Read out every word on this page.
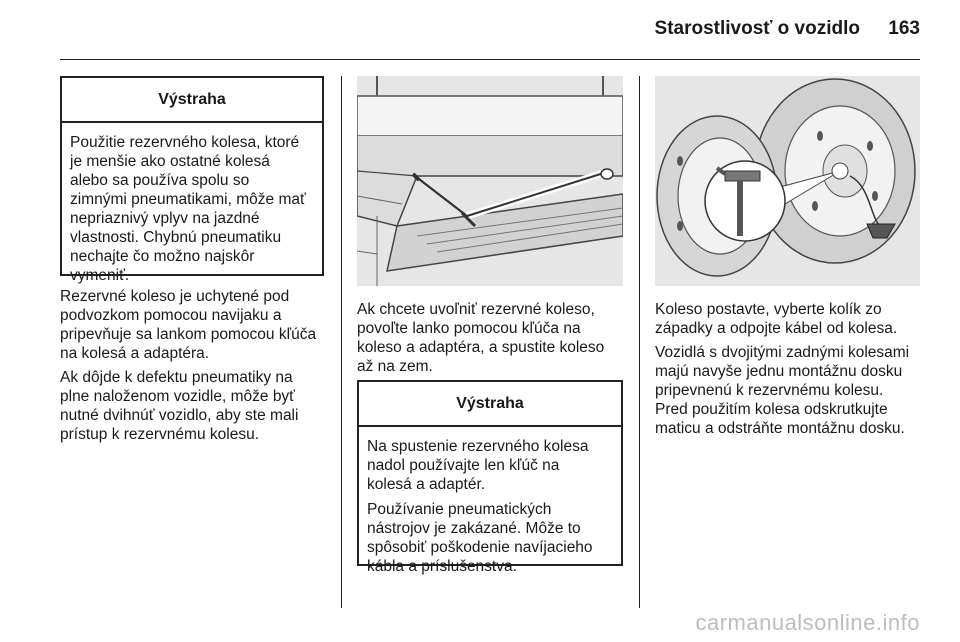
Starostlivosť o vozidlo 163
Výstraha
Použitie rezervného kolesa, ktoré
je menšie ako ostatné kolesá
alebo sa používa spolu so
zimnými pneumatikami, môže mať
nepriaznivý vplyv na jazdné
vlastnosti. Chybnú pneumatiku
nechajte čo možno najskôr
vymeniť.
Rezervné koleso je uchytené pod
podvozkom pomocou navijaku a
pripevňuje sa lankom pomocou kľúča
na kolesá a adaptéra.
Ak dôjde k defektu pneumatiky na
plne naloženom vozidle, môže byť
nutné dvihnúť vozidlo, aby ste mali
prístup k rezervnému kolesu.
Ak chcete uvoľniť rezervné koleso,
povoľte lanko pomocou kľúča na
koleso a adaptéra, a spustite koleso
až na zem.
Výstraha

Na spustenie rezervného kolesa
nadol používajte len kľúč na
kolesá a adaptér.

Používanie pneumatických
nástrojov je zakázané. Môže to
spôsobiť poškodenie navíjacieho
kábla a príslušenstva.

Koleso postavte, vyberte kolík zo
západky a odpojte kábel od kolesa.
Vozidlá s dvojitými zadnými kolesami
majú navyše jednu montážnu dosku
pripevnenú k rezervnému kolesu.
Pred použitím kolesa odskrutkujte
maticu a odstráňte montážnu dosku.
carmanualsonline.info
